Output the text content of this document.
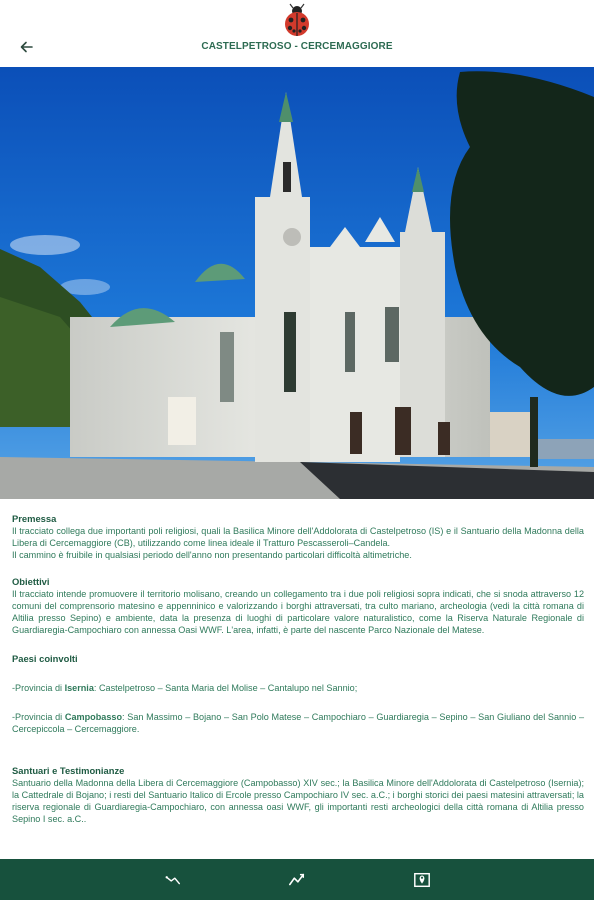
CASTELPETROSO - CERCEMAGGIORE
Premessa

Il tracciato collega due importanti poli religiosi, quali la Basilica Minore dell'Addolorata di Castelpetroso (IS) e il Santuario della Madonna della Libera di Cercemaggiore (CB), utilizzando come linea ideale il Tratturo Pescasseroli–Candela.

Il cammino è fruibile in qualsiasi periodo dell'anno non presentando particolari difficoltà altimetriche.

Obiettivi

Il tracciato intende promuovere il territorio molisano, creando un collegamento tra i due poli religiosi sopra indicati, che si snoda attraverso 12 comuni del comprensorio matesino e appenninico e valorizzando i borghi attraversati, tra culto mariano, archeologia (vedi la città romana di Altilia presso Sepino) e ambiente, data la presenza di luoghi di particolare valore naturalistico, come la Riserva Naturale Regionale di Guardiaregia-Campochiaro con annessa Oasi WWF. L'area, infatti, è parte del nascente Parco Nazionale del Matese.

Paesi coinvolti

-Provincia di Isernia: Castelpetroso – Santa Maria del Molise – Cantalupo nel Sannio;

-Provincia di Campobasso: San Massimo – Bojano – San Polo Matese – Campochiaro – Guardiaregia – Sepino – San Giuliano del Sannio – Cercepiccola – Cercemaggiore.

Santuari e Testimonianze

Santuario della Madonna della Libera di Cercemaggiore (Campobasso) XIV sec.; la Basilica Minore dell'Addolorata di Castelpetroso (Isernia); la Cattedrale di Bojano; i resti del Santuario Italico di Ercole presso Campochiaro IV sec. a.C.; i borghi storici dei paesi matesini attraversati; la riserva regionale di Guardiaregia-Campochiaro, con annessa oasi WWF, gli importanti resti archeologici della città romana di Altilia presso Sepino I sec. a.C..
